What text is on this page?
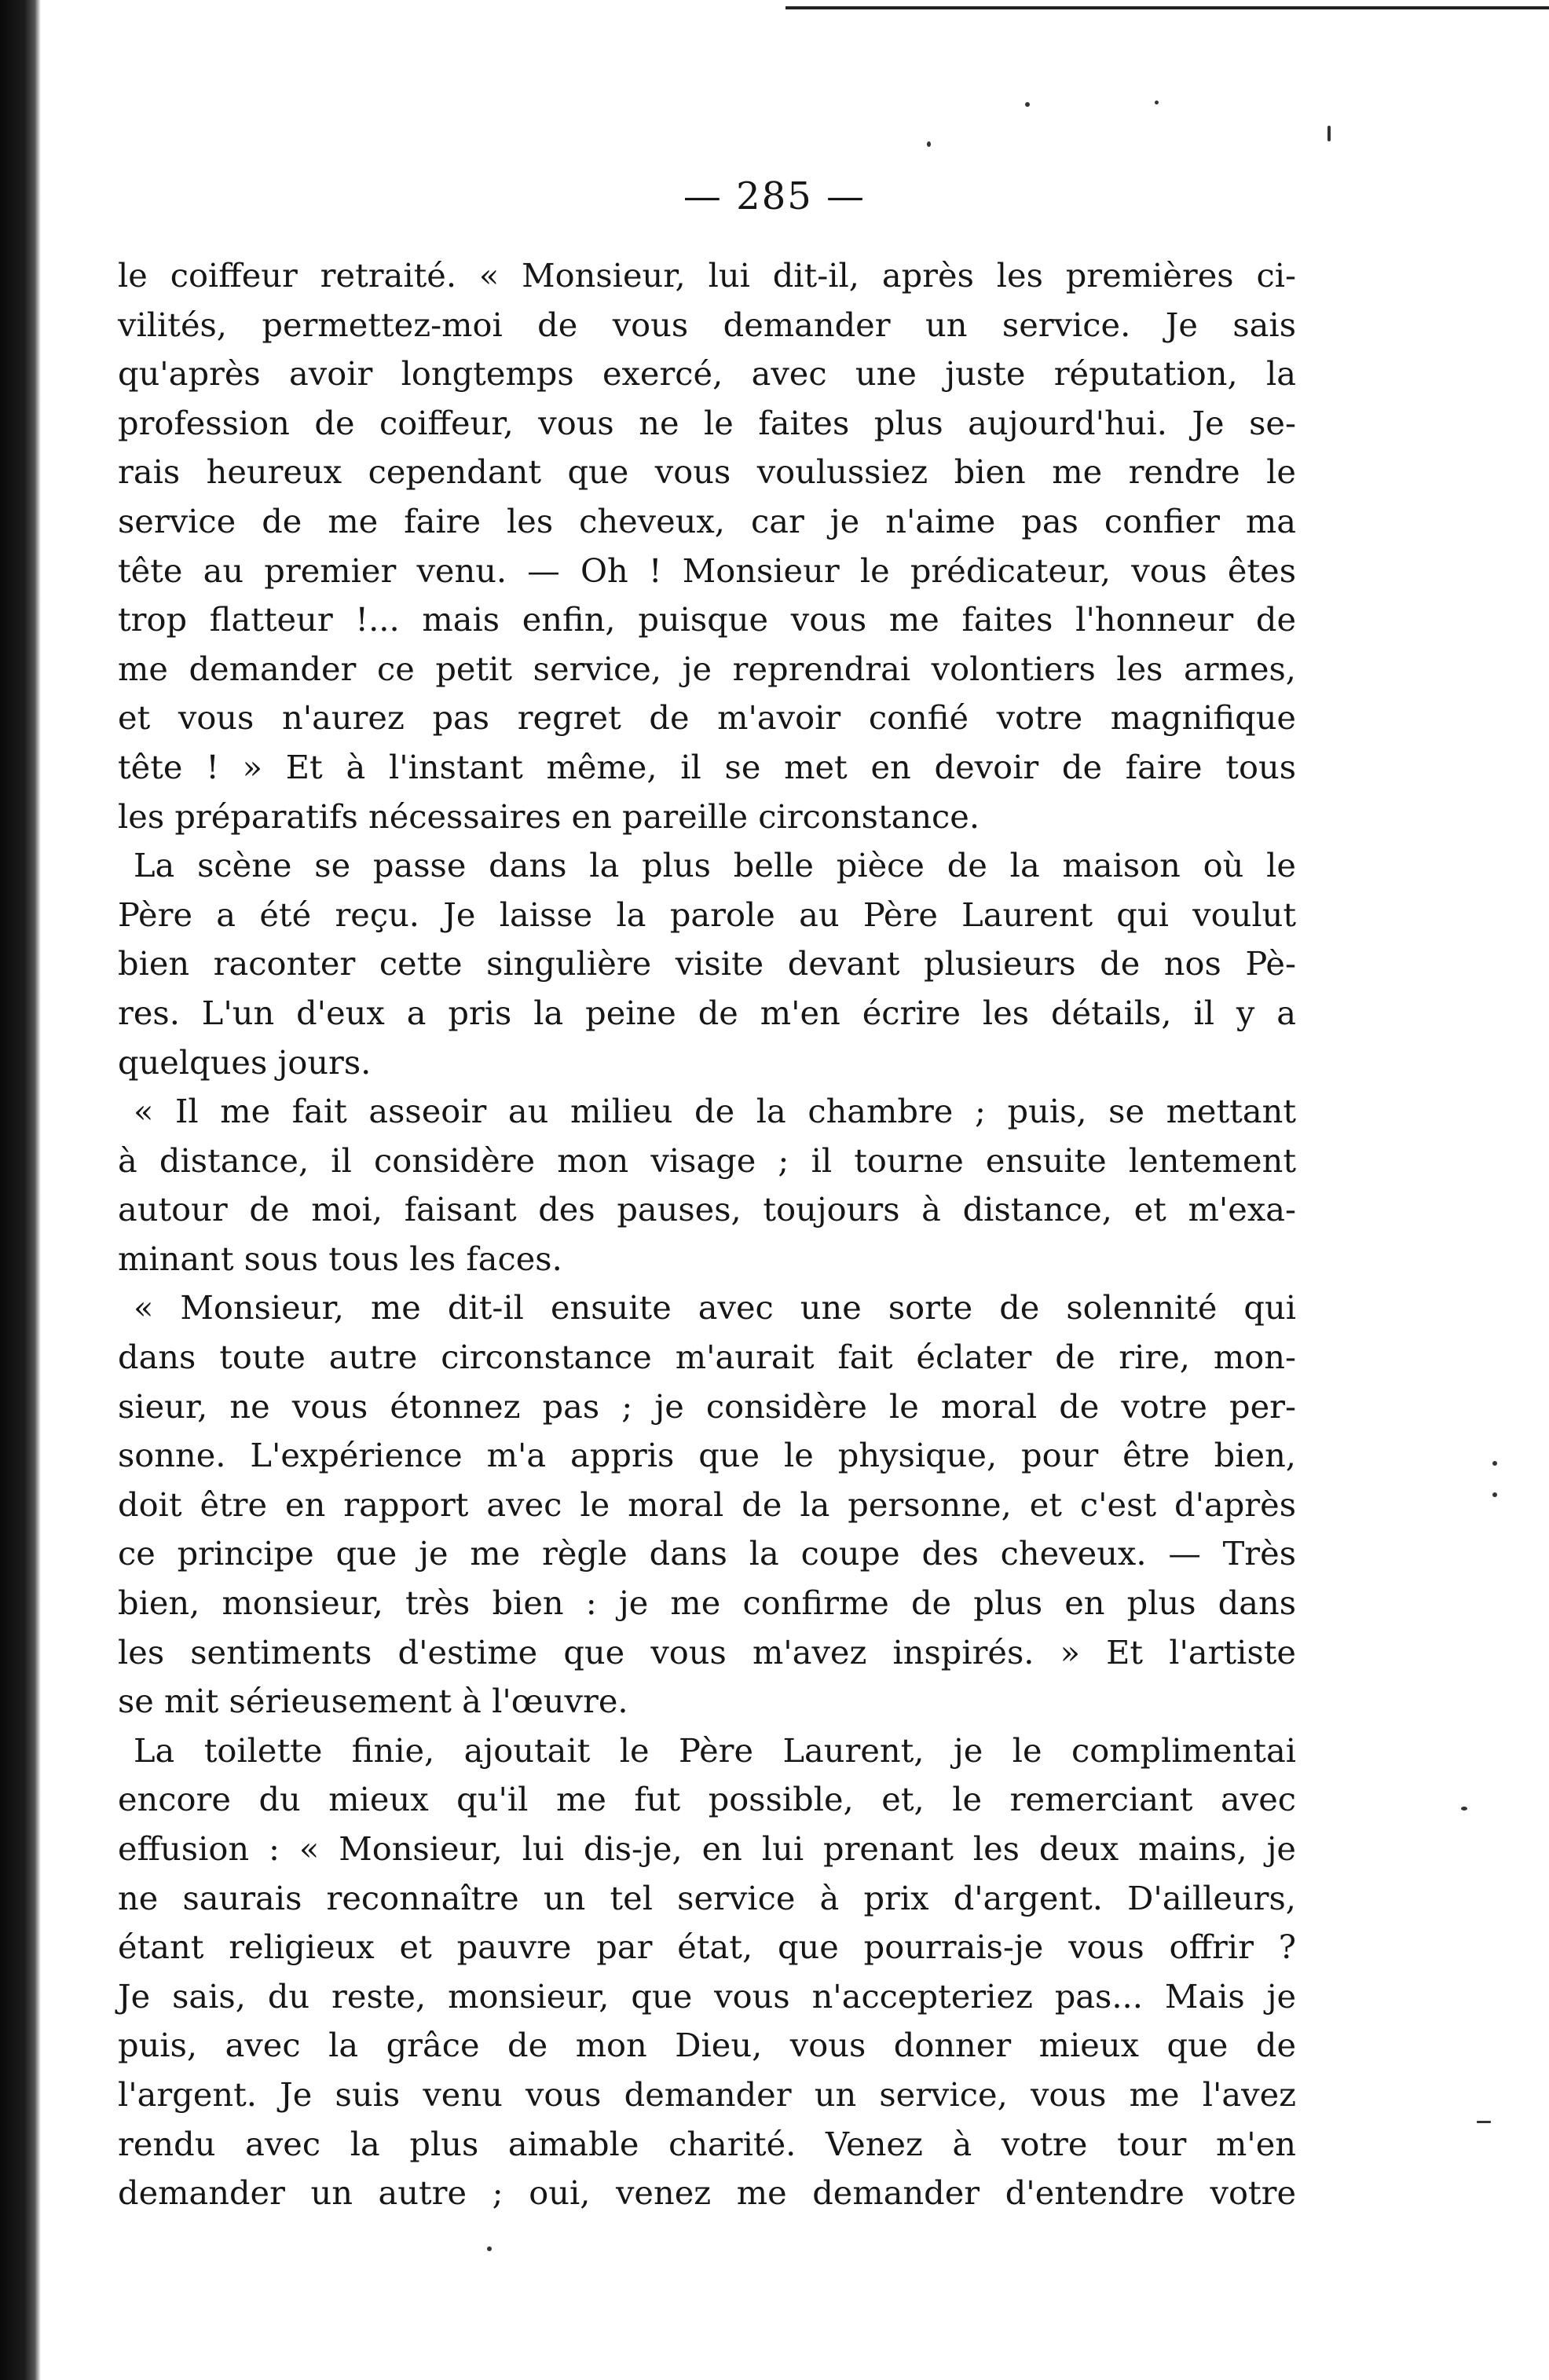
— 285 —
le coiffeur retraité. « Monsieur, lui dit-il, après les premières ci-
vilités, permettez-moi de vous demander un service. Je sais
qu'après avoir longtemps exercé, avec une juste réputation, la
profession de coiffeur, vous ne le faites plus aujourd'hui. Je se-
rais heureux cependant que vous voulussiez bien me rendre le
service de me faire les cheveux, car je n'aime pas confier ma
tête au premier venu. — Oh ! Monsieur le prédicateur, vous êtes
trop flatteur !... mais enfin, puisque vous me faites l'honneur de
me demander ce petit service, je reprendrai volontiers les armes,
et vous n'aurez pas regret de m'avoir confié votre magnifique
tête ! » Et à l'instant même, il se met en devoir de faire tous
les préparatifs nécessaires en pareille circonstance.
La scène se passe dans la plus belle pièce de la maison où le
Père a été reçu. Je laisse la parole au Père Laurent qui voulut
bien raconter cette singulière visite devant plusieurs de nos Pè-
res. L'un d'eux a pris la peine de m'en écrire les détails, il y a
quelques jours.
« Il me fait asseoir au milieu de la chambre ; puis, se mettant
à distance, il considère mon visage ; il tourne ensuite lentement
autour de moi, faisant des pauses, toujours à distance, et m'exa-
minant sous tous les faces.
« Monsieur, me dit-il ensuite avec une sorte de solennité qui
dans toute autre circonstance m'aurait fait éclater de rire, mon-
sieur, ne vous étonnez pas ; je considère le moral de votre per-
sonne. L'expérience m'a appris que le physique, pour être bien,
doit être en rapport avec le moral de la personne, et c'est d'après
ce principe que je me règle dans la coupe des cheveux. — Très
bien, monsieur, très bien : je me confirme de plus en plus dans
les sentiments d'estime que vous m'avez inspirés. » Et l'artiste
se mit sérieusement à l'œuvre.
La toilette finie, ajoutait le Père Laurent, je le complimentai
encore du mieux qu'il me fut possible, et, le remerciant avec
effusion : « Monsieur, lui dis-je, en lui prenant les deux mains, je
ne saurais reconnaître un tel service à prix d'argent. D'ailleurs,
étant religieux et pauvre par état, que pourrais-je vous offrir ?
Je sais, du reste, monsieur, que vous n'accepteriez pas... Mais je
puis, avec la grâce de mon Dieu, vous donner mieux que de
l'argent. Je suis venu vous demander un service, vous me l'avez
rendu avec la plus aimable charité. Venez à votre tour m'en
demander un autre ; oui, venez me demander d'entendre votre
